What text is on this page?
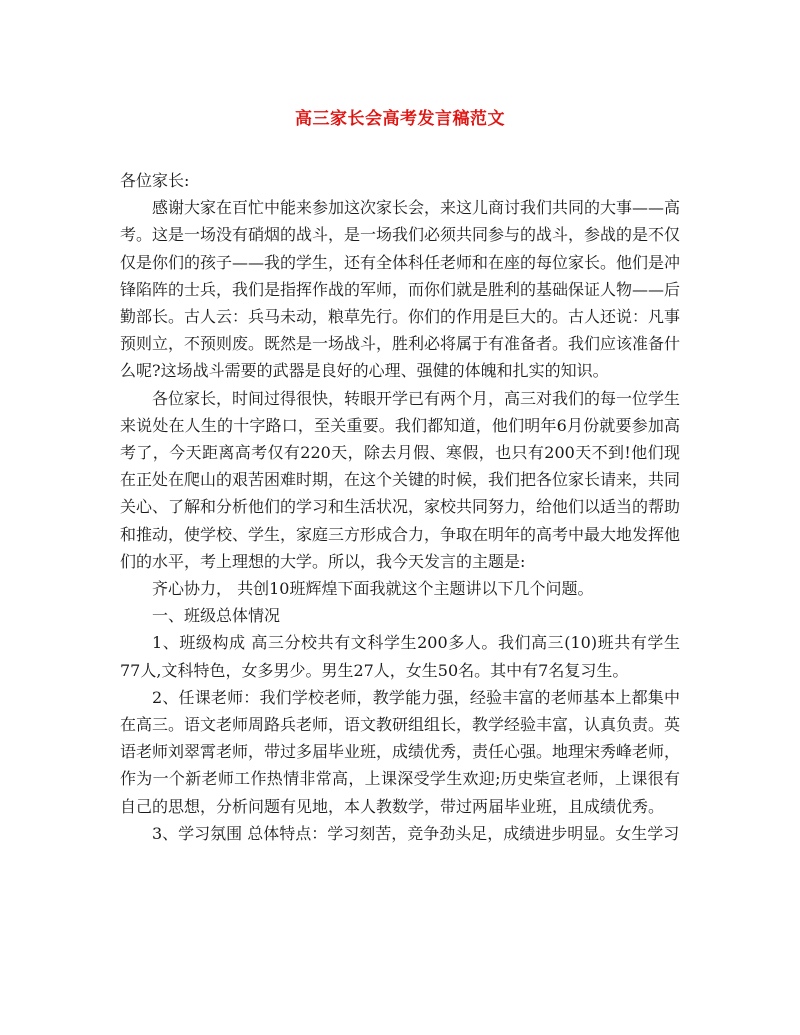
高三家长会高考发言稿范文

各位家长:

感谢大家在百忙中能来参加这次家长会，来这儿商讨我们共同的大事——高考。这是一场没有硝烟的战斗，是一场我们必须共同参与的战斗，参战的是不仅仅是你们的孩子——我的学生，还有全体科任老师和在座的每位家长。他们是冲锋陷阵的士兵，我们是指挥作战的军师，而你们就是胜利的基础保证人物——后勤部长。古人云：兵马未动，粮草先行。你们的作用是巨大的。古人还说：凡事预则立，不预则废。既然是一场战斗，胜利必将属于有准备者。我们应该准备什么呢?这场战斗需要的武器是良好的心理、强健的体魄和扎实的知识。

各位家长，时间过得很快，转眼开学已有两个月，高三对我们的每一位学生来说处在人生的十字路口，至关重要。我们都知道，他们明年6月份就要参加高考了，今天距离高考仅有220天，除去月假、寒假，也只有200天不到!他们现在正处在爬山的艰苦困难时期，在这个关键的时候，我们把各位家长请来，共同关心、了解和分析他们的学习和生活状况，家校共同努力，给他们以适当的帮助和推动，使学校、学生，家庭三方形成合力，争取在明年的高考中最大地发挥他们的水平，考上理想的大学。所以，我今天发言的主题是:

齐心协力， 共创10班辉煌下面我就这个主题讲以下几个问题。

一、班级总体情况

1、班级构成 高三分校共有文科学生200多人。我们高三(10)班共有学生77人,文科特色，女多男少。男生27人，女生50名。其中有7名复习生。

2、任课老师：我们学校老师，教学能力强，经验丰富的老师基本上都集中在高三。语文老师周路兵老师，语文教研组组长，教学经验丰富，认真负责。英语老师刘翠霄老师，带过多届毕业班，成绩优秀，责任心强。地理宋秀峰老师，作为一个新老师工作热情非常高，上课深受学生欢迎;历史柴宣老师，上课很有自己的思想，分析问题有见地，本人教数学，带过两届毕业班，且成绩优秀。

3、学习氛围 总体特点：学习刻苦，竞争劲头足，成绩进步明显。女生学习
